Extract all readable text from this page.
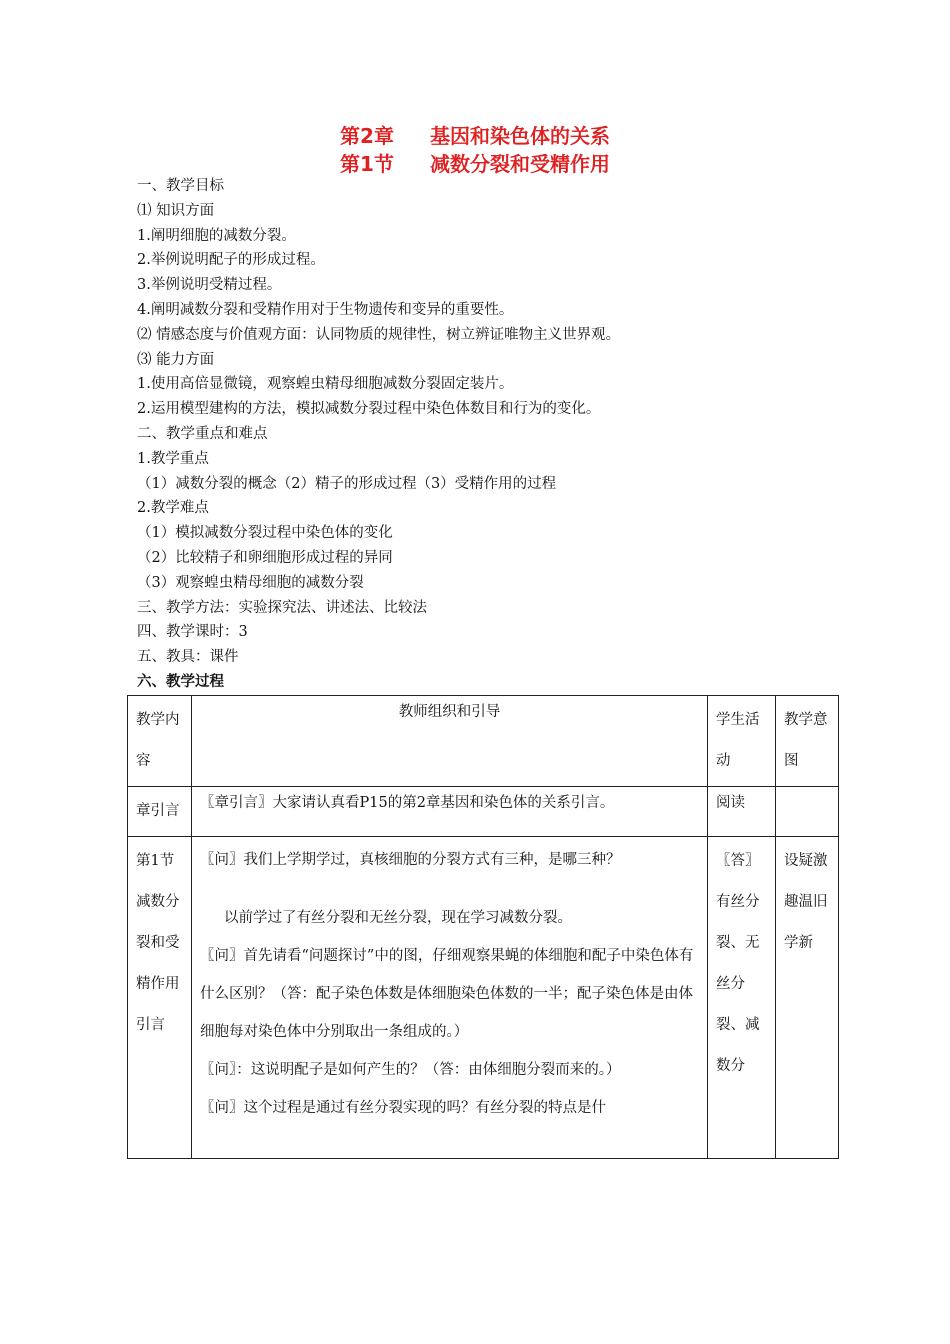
第2章 基因和染色体的关系
第1节 减数分裂和受精作用
一、教学目标
⑴ 知识方面
1.阐明细胞的减数分裂。
2.举例说明配子的形成过程。
3.举例说明受精过程。
4.阐明减数分裂和受精作用对于生物遗传和变异的重要性。
⑵ 情感态度与价值观方面：认同物质的规律性，树立辨证唯物主义世界观。
⑶ 能力方面
1.使用高倍显微镜，观察蝗虫精母细胞减数分裂固定装片。
2.运用模型建构的方法，模拟减数分裂过程中染色体数目和行为的变化。
二、教学重点和难点
1.教学重点
（1）减数分裂的概念（2）精子的形成过程（3）受精作用的过程
2.教学难点
（1）模拟减数分裂过程中染色体的变化
（2）比较精子和卵细胞形成过程的异同
（3）观察蝗虫精母细胞的减数分裂
三、教学方法：实验探究法、讲述法、比较法
四、教学课时：3
五、教具：课件
六、教学过程
教学内容	教师组织和引导	学生活动	教学意图
章引言	〖章引言〗大家请认真看P15的第2章基因和染色体的关系引言。	阅读	
第1节减数分裂和受精作用引言	〖问〗我们上学期学过，真核细胞的分裂方式有三种，是哪三种？
以前学过了有丝分裂和无丝分裂，现在学习减数分裂。
〖问〗首先请看“问题探讨”中的图，仔细观察果蝇的体细胞和配子中染色体有什么区别？（答：配子染色体数是体细胞染色体数的一半；配子染色体是由体细胞每对染色体中分别取出一条组成的。）
〖问〗：这说明配子是如何产生的？（答：由体细胞分裂而来的。）
〖问〗这个过程是通过有丝分裂实现的吗？有丝分裂的特点是什	〖答〗有丝分裂、无丝分裂、减数分	设疑激趣温旧学新
